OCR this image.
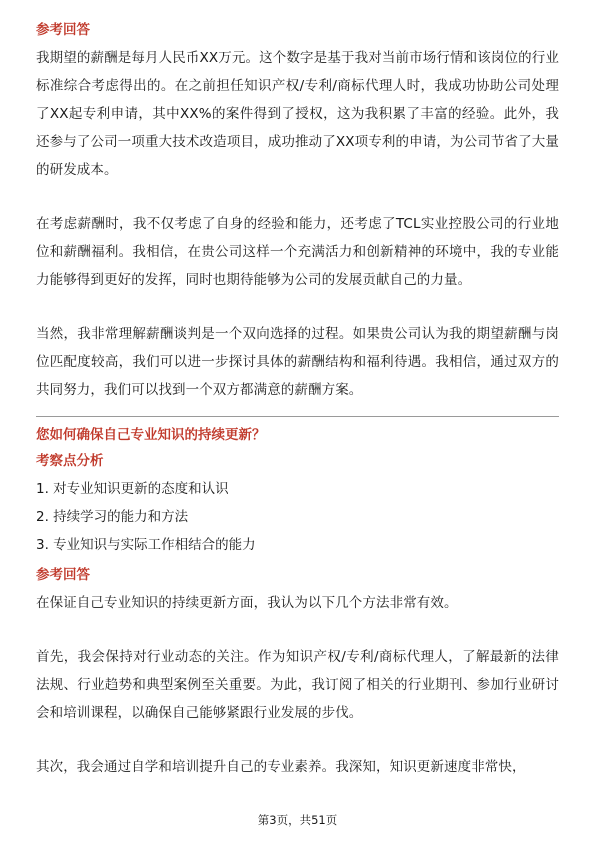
参考回答

我期望的薪酬是每月人民币XX万元。这个数字是基于我对当前市场行情和该岗位的行业标准综合考虑得出的。在之前担任知识产权/专利/商标代理人时，我成功协助公司处理了XX起专利申请，其中XX%的案件得到了授权，这为我积累了丰富的经验。此外，我还参与了公司一项重大技术改造项目，成功推动了XX项专利的申请，为公司节省了大量的研发成本。

在考虑薪酬时，我不仅考虑了自身的经验和能力，还考虑了TCL实业控股公司的行业地位和薪酬福利。我相信，在贵公司这样一个充满活力和创新精神的环境中，我的专业能力能够得到更好的发挥，同时也期待能够为公司的发展贡献自己的力量。

当然，我非常理解薪酬谈判是一个双向选择的过程。如果贵公司认为我的期望薪酬与岗位匹配度较高，我们可以进一步探讨具体的薪酬结构和福利待遇。我相信，通过双方的共同努力，我们可以找到一个双方都满意的薪酬方案。

您如何确保自己专业知识的持续更新？

考察点分析

1. 对专业知识更新的态度和认识

2. 持续学习的能力和方法

3. 专业知识与实际工作相结合的能力

参考回答

在保证自己专业知识的持续更新方面，我认为以下几个方法非常有效。

首先，我会保持对行业动态的关注。作为知识产权/专利/商标代理人，了解最新的法律法规、行业趋势和典型案例至关重要。为此，我订阅了相关的行业期刊、参加行业研讨会和培训课程，以确保自己能够紧跟行业发展的步伐。

其次，我会通过自学和培训提升自己的专业素养。我深知，知识更新速度非常快，

第3页，共51页
